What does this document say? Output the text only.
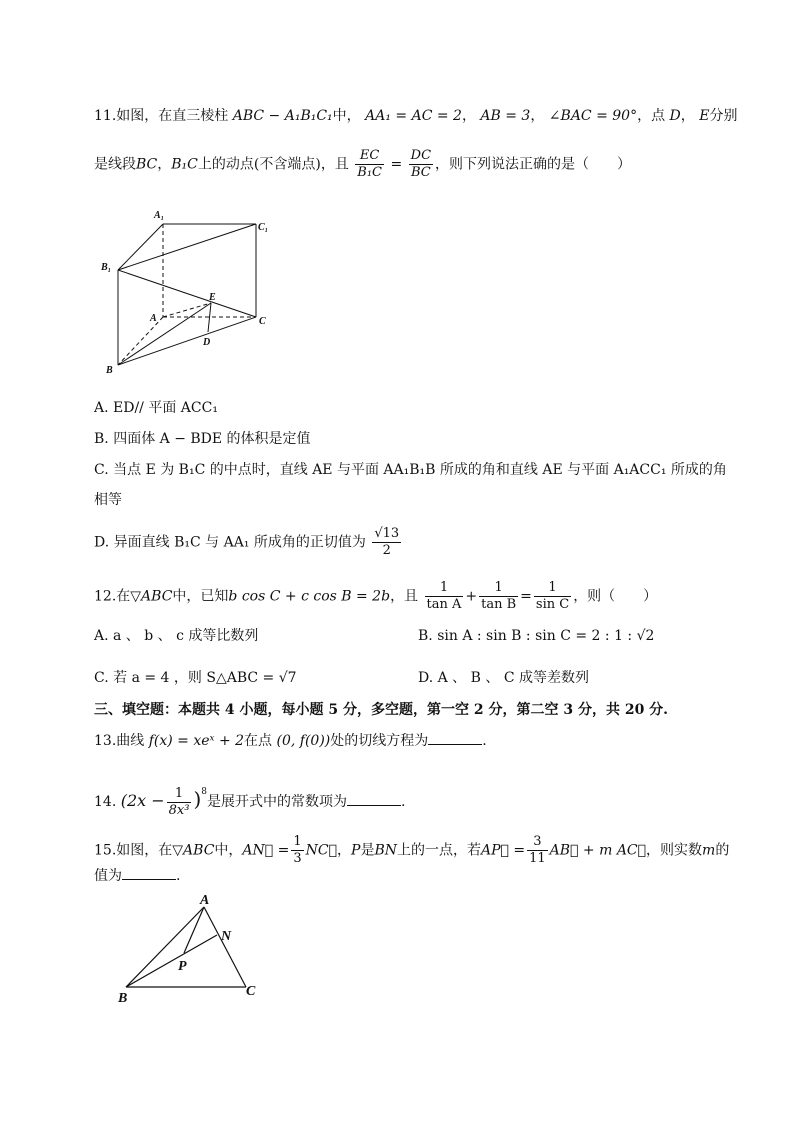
11.如图，在直三棱柱 ABC − A₁B₁C₁中， AA₁ = AC = 2， AB = 3， ∠BAC = 90°，点 D， E分别
是线段BC，B₁C上的动点(不含端点)，且 $\frac{EC}{\text{B₁C}} = \frac{DC}{BC}$ ，则下列说法正确的是（　　）
A₁
C₁
B₁
E
A	C
D
B
A. ED// 平面 ACC₁
B. 四面体 A − BDE 的体积是定值
C. 当点 E 为 B₁C 的中点时，直线 AE 与平面 AA₁B₁B 所成的角和直线 AE 与平面 A₁ACC₁ 所成的角
相等
D. 异面直线 B₁C 与 AA₁ 所成角的正切值为 $\frac{√13}{2}$
12.在▽ABC中，已知b cos C + c cos B = 2b，且 $\frac{1}{\text{tan A}} + \frac{1}{\text{tan B}} = \frac{1}{\text{sin C}}$ ，则（　　）
A. a 、 b 、 c 成等比数列	B. sin A : sin B : sin C = 2 : 1 : √2
C. 若 a = 4 ，则 S△ABC = √7	D. A 、 B 、 C 成等差数列
三、填空题：本题共 4 小题，每小题 5 分，多空题，第一空 2 分，第二空 3 分，共 20 分.
13.曲线 f(x) = xeˣ + 2在点 (0, f(0))处的切线方程为	.
14. $(2x - \frac{1}{\text{8x³}} )^8$是展开式中的常数项为	.
15.如图，在▽ABC中，AN⃗ = $\frac{1}{3}$ NC⃗，P是BN上的一点，若AP⃗ = $\frac{3}{11}$ AB⃗ + m AC⃗，则实数m的
值为	.
A
N
P
B	C
